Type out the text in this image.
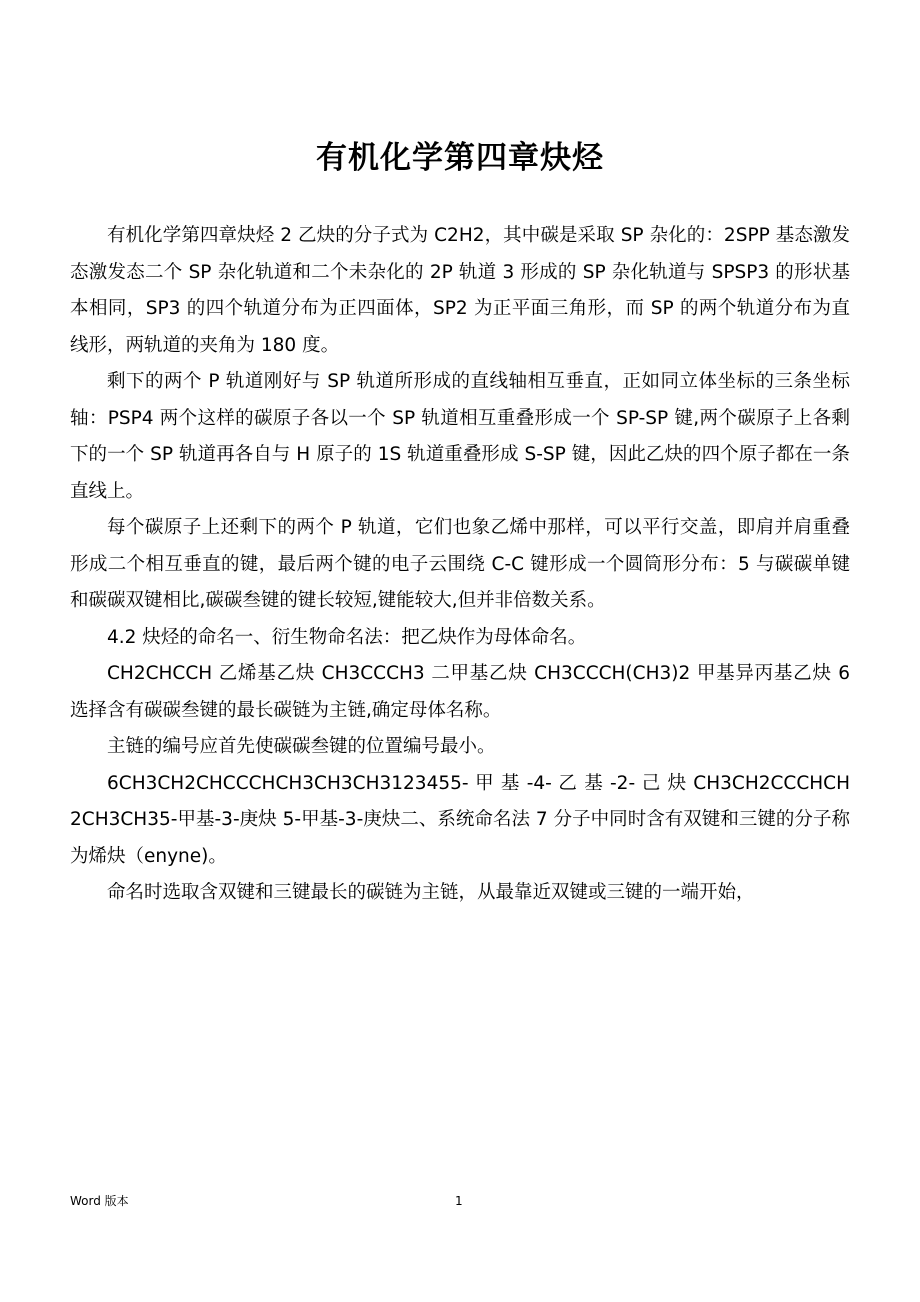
有机化学第四章炔烃

有机化学第四章炔烃 2 乙炔的分子式为 C2H2，其中碳是采取 SP 杂化的：2SPP 基态激发态激发态二个 SP 杂化轨道和二个未杂化的 2P 轨道 3 形成的 SP 杂化轨道与 SPSP3 的形状基本相同，SP3 的四个轨道分布为正四面体，SP2 为正平面三角形，而 SP 的两个轨道分布为直线形，两轨道的夹角为 180 度。

剩下的两个 P 轨道刚好与 SP 轨道所形成的直线轴相互垂直，正如同立体坐标的三条坐标轴：PSP4 两个这样的碳原子各以一个 SP 轨道相互重叠形成一个 SP-SP 键,两个碳原子上各剩下的一个 SP 轨道再各自与 H 原子的 1S 轨道重叠形成 S-SP 键，因此乙炔的四个原子都在一条直线上。

每个碳原子上还剩下的两个 P 轨道，它们也象乙烯中那样，可以平行交盖，即肩并肩重叠形成二个相互垂直的键，最后两个键的电子云围绕 C-C 键形成一个圆筒形分布：5 与碳碳单键和碳碳双键相比,碳碳叁键的键长较短,键能较大,但并非倍数关系。

4.2 炔烃的命名一、衍生物命名法：把乙炔作为母体命名。

CH2CHCCH 乙烯基乙炔 CH3CCCH3 二甲基乙炔 CH3CCCH(CH3)2 甲基异丙基乙炔 6 选择含有碳碳叁键的最长碳链为主链,确定母体名称。

主链的编号应首先使碳碳叁键的位置编号最小。

6CH3CH2CHCCCHCH3CH3CH3123455- 甲 基 -4- 乙 基 -2- 己 炔 CH3CH2CCCHCH2CH3CH35-甲基-3-庚炔 5-甲基-3-庚炔二、系统命名法 7 分子中同时含有双键和三键的分子称为烯炔（enyne)。

命名时选取含双键和三键最长的碳链为主链，从最靠近双键或三键的一端开始，

Word 版本	1
